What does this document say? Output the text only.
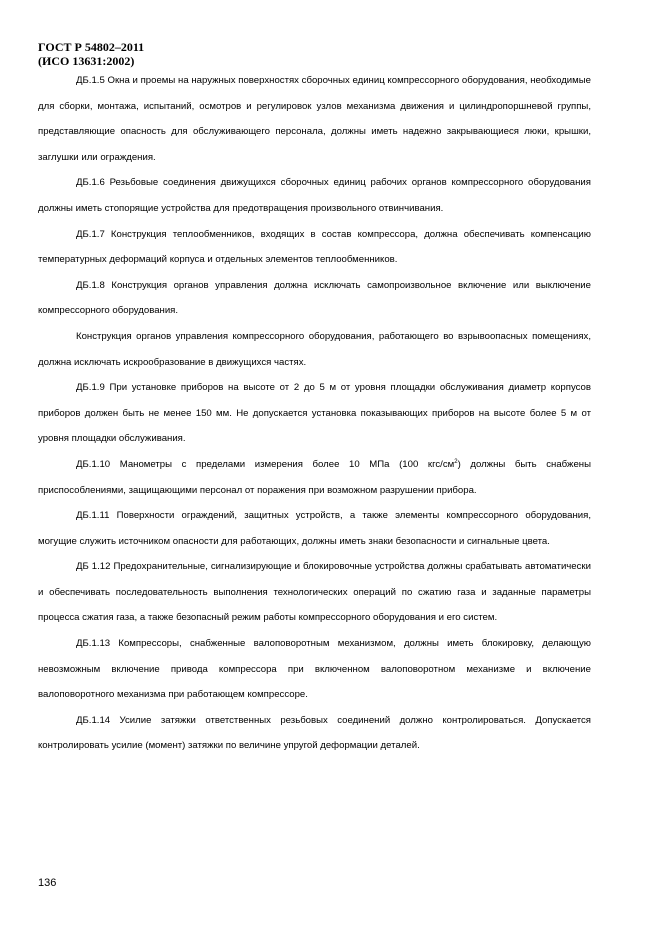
ГОСТ Р 54802–2011
(ИСО 13631:2002)

ДБ.1.5 Окна и проемы на наружных поверхностях сборочных единиц компрессорного оборудования, необходимые для сборки, монтажа, испытаний, осмотров и регулировок узлов механизма движения и цилиндропоршневой группы, представляющие опасность для обслуживающего персонала, должны иметь надежно закрывающиеся люки, крышки, заглушки или ограждения.

ДБ.1.6 Резьбовые соединения движущихся сборочных единиц рабочих органов компрессорного оборудования должны иметь стопорящие устройства для предотвращения произвольного отвинчивания.

ДБ.1.7 Конструкция теплообменников, входящих в состав компрессора, должна обеспечивать компенсацию температурных деформаций корпуса и отдельных элементов теплообменников.

ДБ.1.8 Конструкция органов управления должна исключать самопроизвольное включение или выключение компрессорного оборудования.

Конструкция органов управления компрессорного оборудования, работающего во взрывоопасных помещениях, должна исключать искрообразование в движущихся частях.

ДБ.1.9 При установке приборов на высоте от 2 до 5 м от уровня площадки обслуживания диаметр корпусов приборов должен быть не менее 150 мм. Не допускается установка показывающих приборов на высоте более 5 м от уровня площадки обслуживания.

ДБ.1.10 Манометры с пределами измерения более 10 МПа (100 кгс/$см^2$) должны быть снабжены приспособлениями, защищающими персонал от поражения при возможном разрушении прибора.

ДБ.1.11 Поверхности ограждений, защитных устройств, а также элементы компрессорного оборудования, могущие служить источником опасности для работающих, должны иметь знаки безопасности и сигнальные цвета.

ДБ 1.12 Предохранительные, сигнализирующие и блокировочные устройства должны срабатывать автоматически и обеспечивать последовательность выполнения технологических операций по сжатию газа и заданные параметры процесса сжатия газа, а также безопасный режим работы компрессорного оборудования и его систем.

ДБ.1.13 Компрессоры, снабженные валоповоротным механизмом, должны иметь блокировку, делающую невозможным включение привода компрессора при включенном валоповоротном механизме и включение валоповоротного механизма при работающем компрессоре.

ДБ.1.14 Усилие затяжки ответственных резьбовых соединений должно контролироваться. Допускается контролировать усилие (момент) затяжки по величине упругой деформации деталей.

136
